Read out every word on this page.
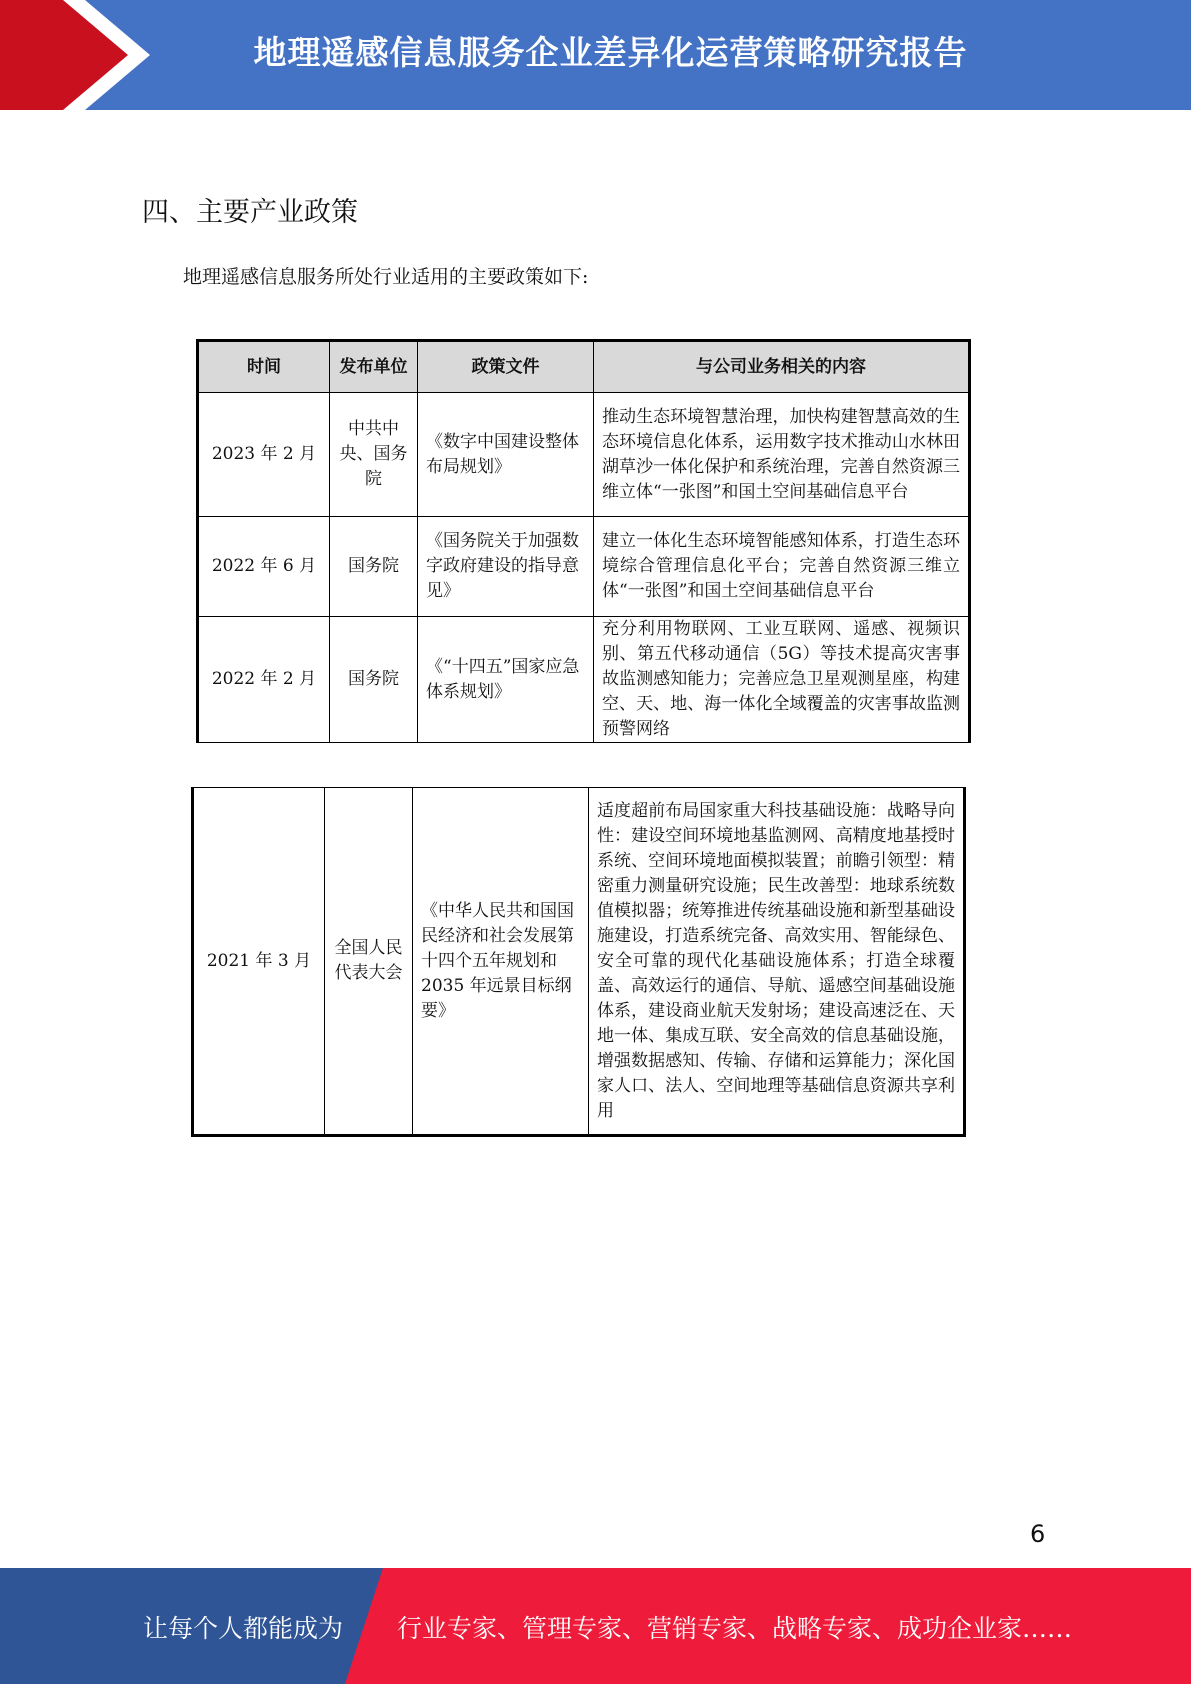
地理遥感信息服务企业差异化运营策略研究报告
四、主要产业政策
地理遥感信息服务所处行业适用的主要政策如下:
时间	发布单位	政策文件	与公司业务相关的内容
2023 年 2 月	中共中央、国务院	《数字中国建设整体布局规划》	推动生态环境智慧治理，加快构建智慧高效的生态环境信息化体系，运用数字技术推动山水林田湖草沙一体化保护和系统治理，完善自然资源三维立体“一张图”和国土空间基础信息平台
2022 年 6 月	国务院	《国务院关于加强数字政府建设的指导意见》	建立一体化生态环境智能感知体系，打造生态环境综合管理信息化平台；完善自然资源三维立体“一张图”和国土空间基础信息平台
2022 年 2 月	国务院	《“十四五”国家应急体系规划》	充分利用物联网、工业互联网、遥感、视频识别、第五代移动通信（5G）等技术提高灾害事故监测感知能力；完善应急卫星观测星座，构建空、天、地、海一体化全域覆盖的灾害事故监测预警网络
2021 年 3 月	全国人民代表大会	《中华人民共和国国民经济和社会发展第十四个五年规划和 2035 年远景目标纲要》	适度超前布局国家重大科技基础设施：战略导向性：建设空间环境地基监测网、高精度地基授时系统、空间环境地面模拟装置；前瞻引领型：精密重力测量研究设施；民生改善型：地球系统数值模拟器；统筹推进传统基础设施和新型基础设施建设，打造系统完备、高效实用、智能绿色、安全可靠的现代化基础设施体系；打造全球覆盖、高效运行的通信、导航、遥感空间基础设施体系，建设商业航天发射场；建设高速泛在、天地一体、集成互联、安全高效的信息基础设施，增强数据感知、传输、存储和运算能力；深化国家人口、法人、空间地理等基础信息资源共享利用
6
让每个人都能成为 行业专家、管理专家、营销专家、战略专家、成功企业家……
